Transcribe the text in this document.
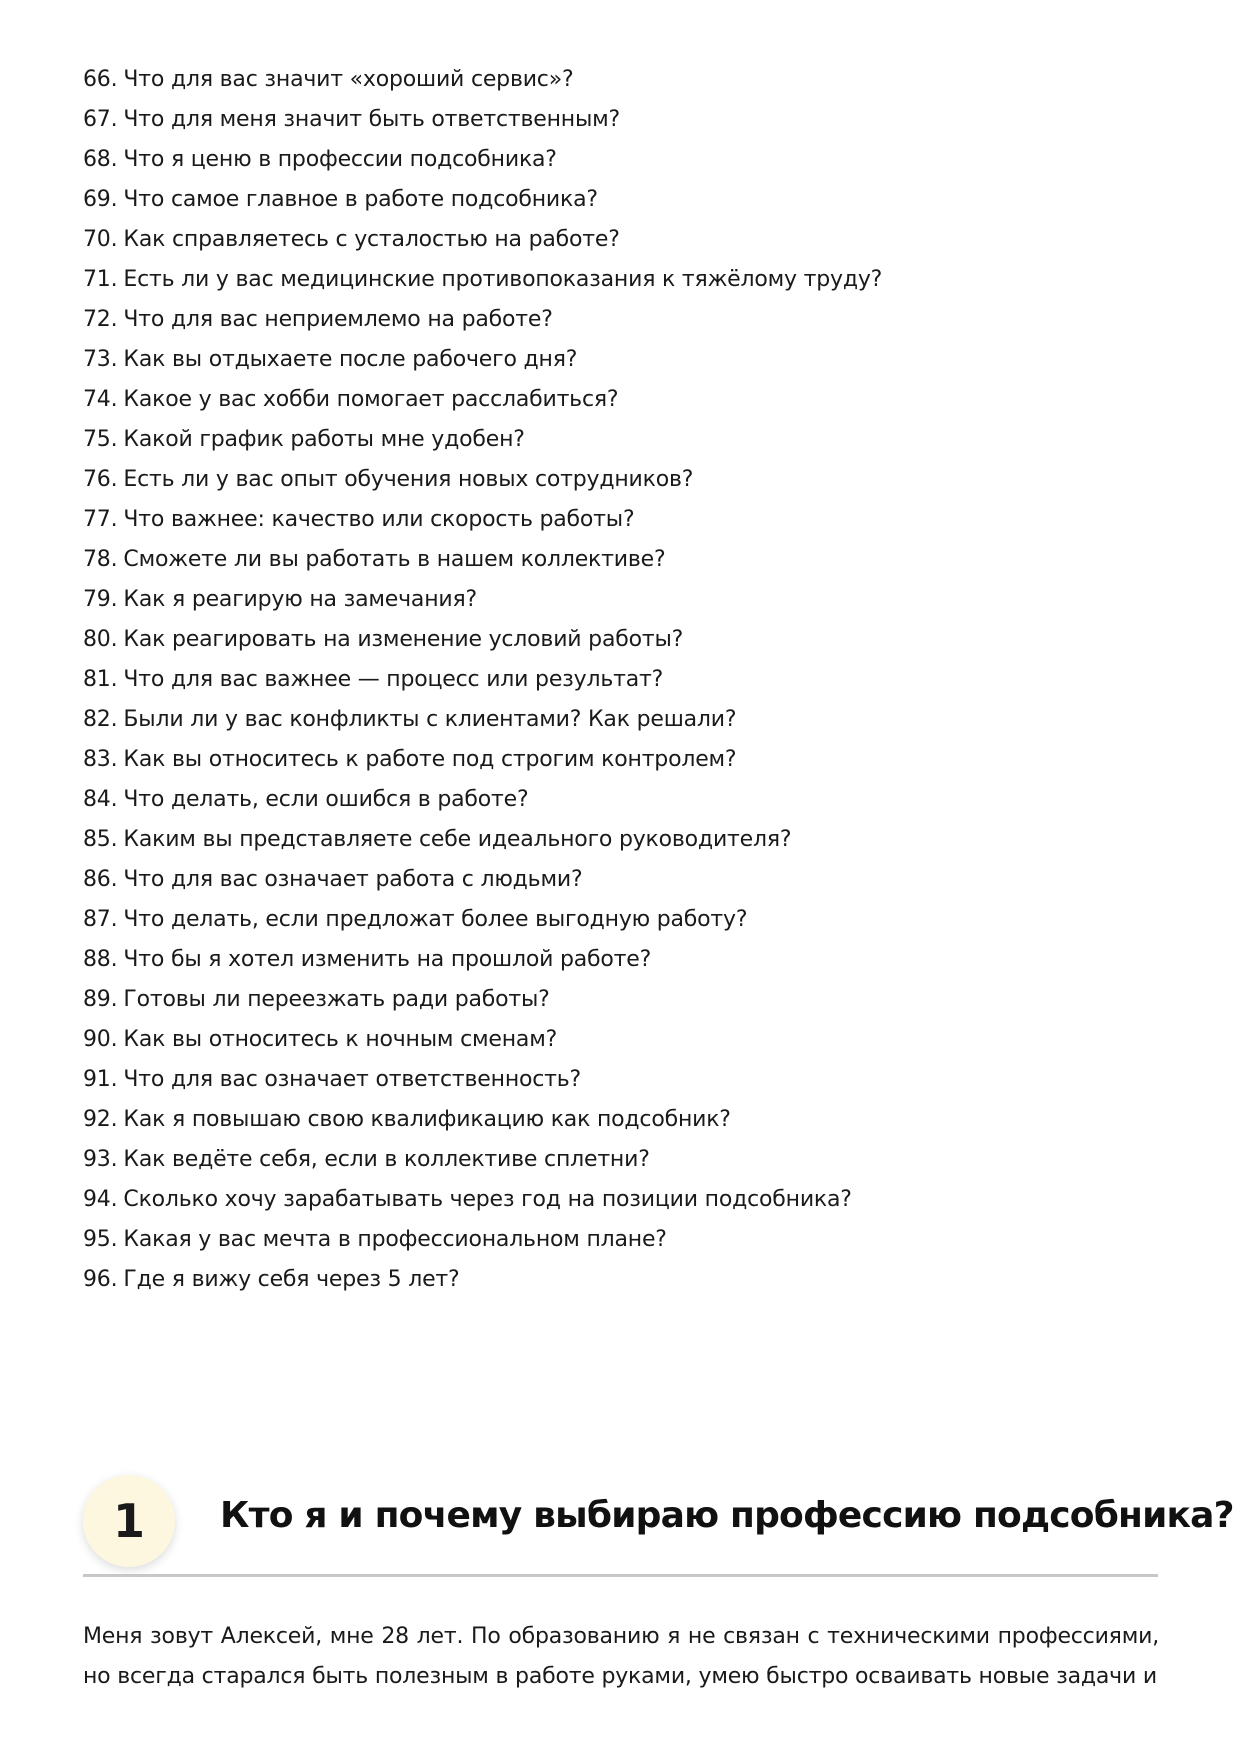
66. Что для вас значит «хороший сервис»?
67. Что для меня значит быть ответственным?
68. Что я ценю в профессии подсобника?
69. Что самое главное в работе подсобника?
70. Как справляетесь с усталостью на работе?
71. Есть ли у вас медицинские противопоказания к тяжёлому труду?
72. Что для вас неприемлемо на работе?
73. Как вы отдыхаете после рабочего дня?
74. Какое у вас хобби помогает расслабиться?
75. Какой график работы мне удобен?
76. Есть ли у вас опыт обучения новых сотрудников?
77. Что важнее: качество или скорость работы?
78. Сможете ли вы работать в нашем коллективе?
79. Как я реагирую на замечания?
80. Как реагировать на изменение условий работы?
81. Что для вас важнее — процесс или результат?
82. Были ли у вас конфликты с клиентами? Как решали?
83. Как вы относитесь к работе под строгим контролем?
84. Что делать, если ошибся в работе?
85. Каким вы представляете себе идеального руководителя?
86. Что для вас означает работа с людьми?
87. Что делать, если предложат более выгодную работу?
88. Что бы я хотел изменить на прошлой работе?
89. Готовы ли переезжать ради работы?
90. Как вы относитесь к ночным сменам?
91. Что для вас означает ответственность?
92. Как я повышаю свою квалификацию как подсобник?
93. Как ведёте себя, если в коллективе сплетни?
94. Сколько хочу зарабатывать через год на позиции подсобника?
95. Какая у вас мечта в профессиональном плане?
96. Где я вижу себя через 5 лет?
1	Кто я и почему выбираю профессию подсобника?

Меня зовут Алексей, мне 28 лет. По образованию я не связан с техническими профессиями, но всегда старался быть полезным в работе руками, умею быстро осваивать новые задачи и
